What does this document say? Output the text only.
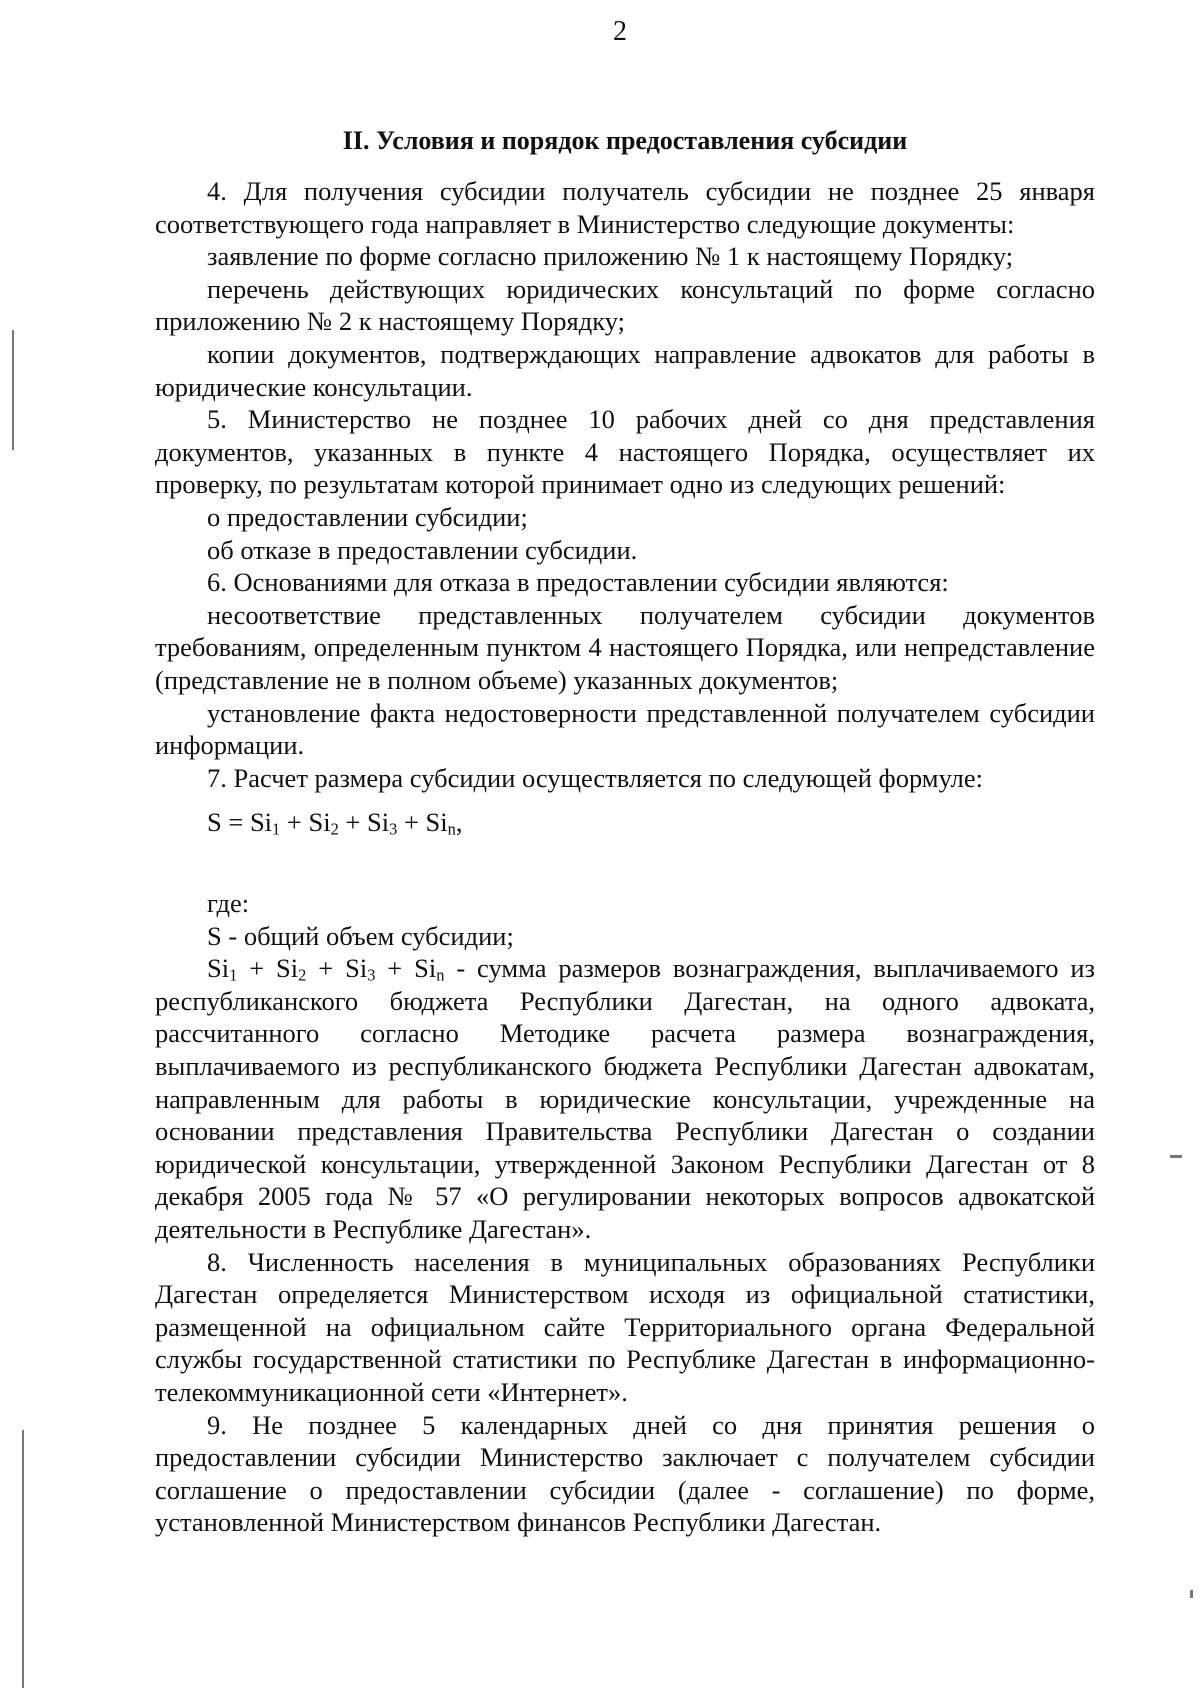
2
II. Условия и порядок предоставления субсидии

4. Для получения субсидии получатель субсидии не позднее 25 января соответствующего года направляет в Министерство следующие документы:

заявление по форме согласно приложению № 1 к настоящему Порядку;

перечень действующих юридических консультаций по форме согласно приложению № 2 к настоящему Порядку;

копии документов, подтверждающих направление адвокатов для работы в юридические консультации.

5. Министерство не позднее 10 рабочих дней со дня представления документов, указанных в пункте 4 настоящего Порядка, осуществляет их проверку, по результатам которой принимает одно из следующих решений:

о предоставлении субсидии;

об отказе в предоставлении субсидии.

6. Основаниями для отказа в предоставлении субсидии являются:

несоответствие представленных получателем субсидии документов требованиям, определенным пунктом 4 настоящего Порядка, или непредставление (представление не в полном объеме) указанных документов;

установление факта недостоверности представленной получателем субсидии информации.

7. Расчет размера субсидии осуществляется по следующей формуле:

$S = Si_1 + Si_2 + Si_3 + Si_n$,

где:

S - общий объем субсидии;

$Si_1 + Si_2 + Si_3 + Si_n$ - сумма размеров вознаграждения, выплачиваемого из республиканского бюджета Республики Дагестан, на одного адвоката, рассчитанного согласно Методике расчета размера вознаграждения, выплачиваемого из республиканского бюджета Республики Дагестан адвокатам, направленным для работы в юридические консультации, учрежденные на основании представления Правительства Республики Дагестан о создании юридической консультации, утвержденной Законом Республики Дагестан от 8 декабря 2005 года № 57 «О регулировании некоторых вопросов адвокатской деятельности в Республике Дагестан».

8. Численность населения в муниципальных образованиях Республики Дагестан определяется Министерством исходя из официальной статистики, размещенной на официальном сайте Территориального органа Федеральной службы государственной статистики по Республике Дагестан в информационно-телекоммуникационной сети «Интернет».

9. Не позднее 5 календарных дней со дня принятия решения о предоставлении субсидии Министерство заключает с получателем субсидии соглашение о предоставлении субсидии (далее - соглашение) по форме, установленной Министерством финансов Республики Дагестан.
